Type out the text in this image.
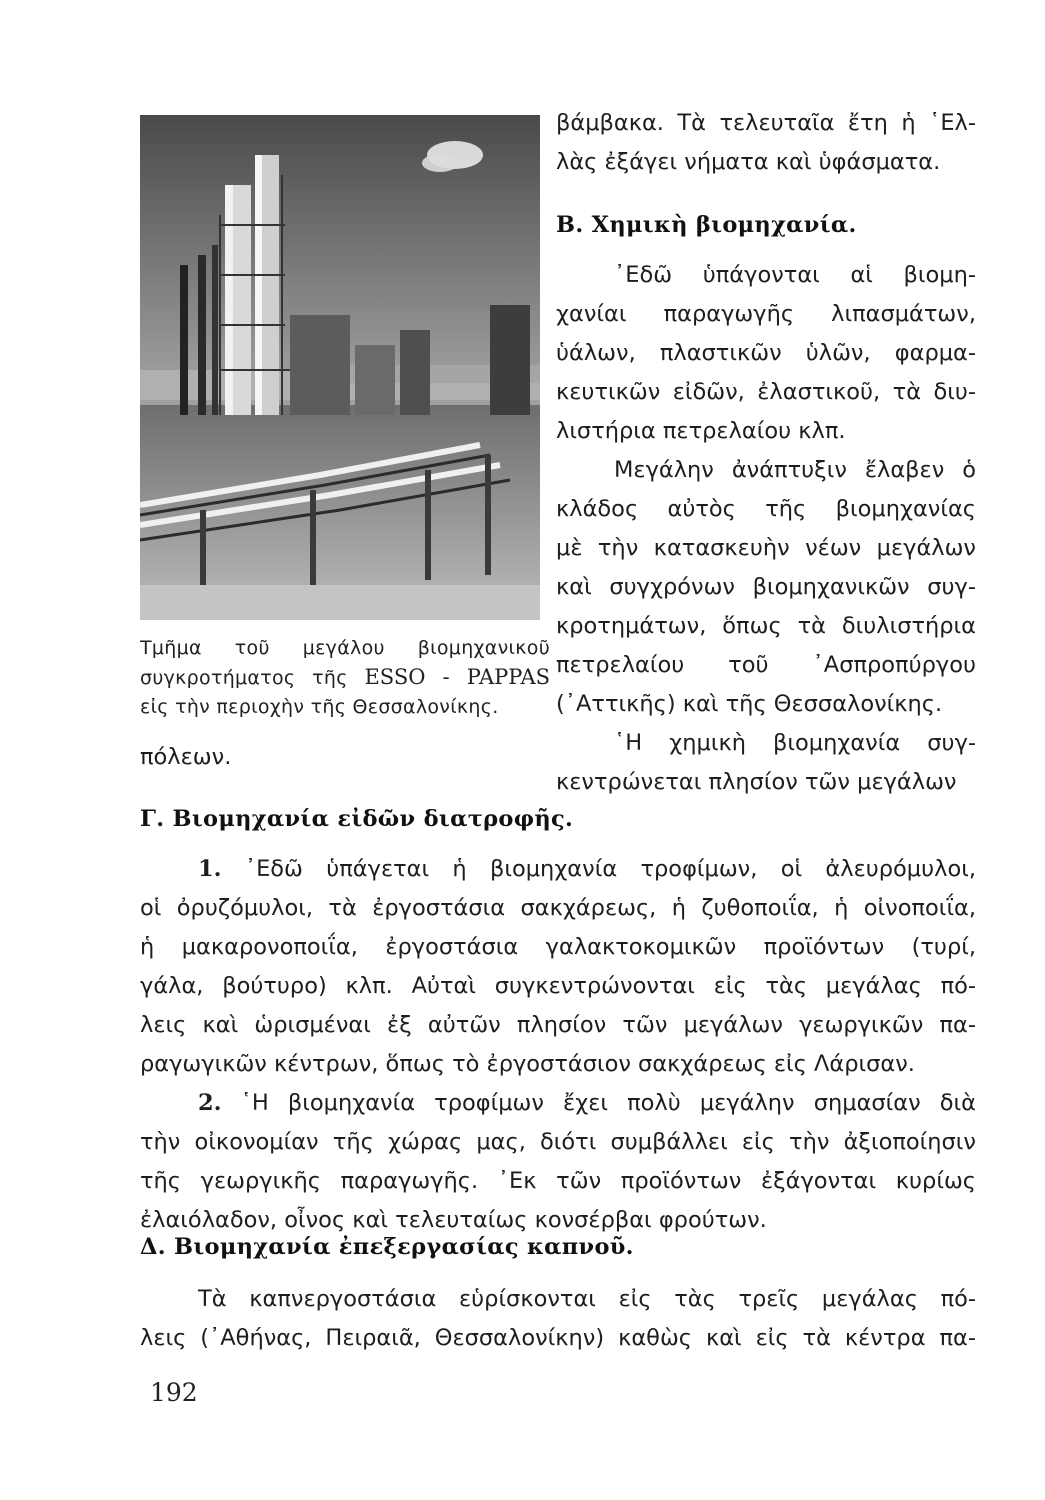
Τμῆμα τοῦ μεγάλου βιομηχανικοῦ
συγκροτήματος τῆς ESSO - PAPPAS
εἰς τὴν περιοχὴν τῆς Θεσσαλονίκης.
βάμβακα. Τὰ τελευταῖα ἔτη ἡ ῾Ελ-
λὰς ἐξάγει νήματα καὶ ὑφάσματα.
Β. Χημικὴ βιομηχανία.
᾿Εδῶ ὑπάγονται αἱ βιομη-
χανίαι παραγωγῆς λιπασμάτων,
ὑάλων, πλαστικῶν ὑλῶν, φαρμα-
κευτικῶν εἰδῶν, ἐλαστικοῦ, τὰ διυ-
λιστήρια πετρελαίου κλπ.
Μεγάλην ἀνάπτυξιν ἔλαβεν ὁ
κλάδος αὐτὸς τῆς βιομηχανίας
μὲ τὴν κατασκευὴν νέων μεγάλων
καὶ συγχρόνων βιομηχανικῶν συγ-
κροτημάτων, ὅπως τὰ διυλιστήρια
πετρελαίου τοῦ ᾿Ασπροπύργου
(᾿Αττικῆς) καὶ τῆς Θεσσαλονίκης.
῾Η χημικὴ βιομηχανία συγ-
κεντρώνεται πλησίον τῶν μεγάλων
πόλεων.
Γ. Βιομηχανία εἰδῶν διατροφῆς.
1. ᾿Εδῶ ὑπάγεται ἡ βιομηχανία τροφίμων, οἱ ἀλευρόμυλοι,
οἱ ὀρυζόμυλοι, τὰ ἐργοστάσια σακχάρεως, ἡ ζυθοποιΐα, ἡ οἰνοποιΐα,
ἡ μακαρονοποιΐα, ἐργοστάσια γαλακτοκομικῶν προϊόντων (τυρί,
γάλα, βούτυρο) κλπ. Αὐταὶ συγκεντρώνονται εἰς τὰς μεγάλας πό-
λεις καὶ ὡρισμέναι ἐξ αὐτῶν πλησίον τῶν μεγάλων γεωργικῶν πα-
ραγωγικῶν κέντρων, ὅπως τὸ ἐργοστάσιον σακχάρεως εἰς Λάρισαν.
2. ῾Η βιομηχανία τροφίμων ἔχει πολὺ μεγάλην σημασίαν διὰ
τὴν οἰκονομίαν τῆς χώρας μας, διότι συμβάλλει εἰς τὴν ἀξιοποίησιν
τῆς γεωργικῆς παραγωγῆς. ᾿Εκ τῶν προϊόντων ἐξάγονται κυρίως
ἐλαιόλαδον, οἶνος καὶ τελευταίως κονσέρβαι φρούτων.
Δ. Βιομηχανία ἐπεξεργασίας καπνοῦ.
Τὰ καπνεργοστάσια εὑρίσκονται εἰς τὰς τρεῖς μεγάλας πό-
λεις (᾿Αθήνας, Πειραιᾶ, Θεσσαλονίκην) καθὼς καὶ εἰς τὰ κέντρα πα-
192
